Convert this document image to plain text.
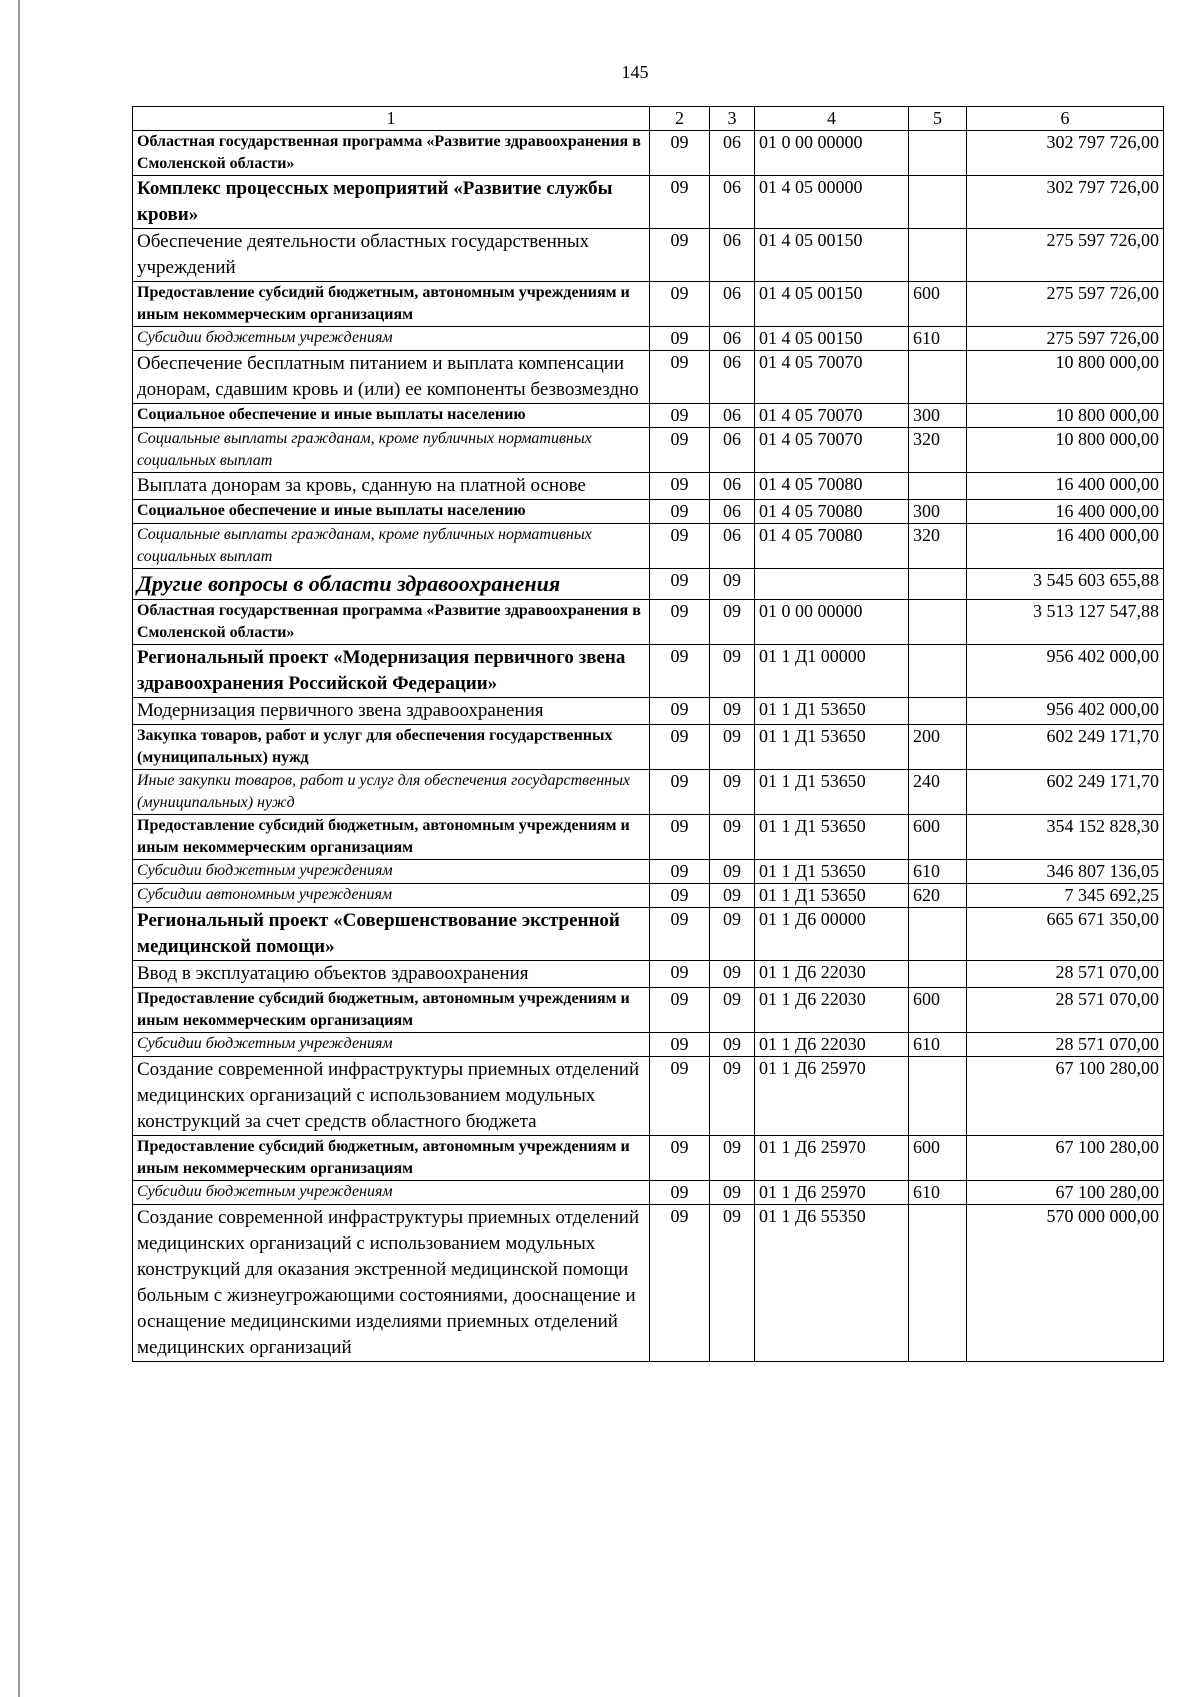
145
1	2	3	4	5	6
Областная государственная программа «Развитие здравоохранения в Смоленской области»	09	06	01 0 00 00000		302 797 726,00
Комплекс процессных мероприятий «Развитие службы крови»	09	06	01 4 05 00000		302 797 726,00
Обеспечение деятельности областных государственных учреждений	09	06	01 4 05 00150		275 597 726,00
Предоставление субсидий бюджетным, автономным учреждениям и иным некоммерческим организациям	09	06	01 4 05 00150	600	275 597 726,00
Субсидии бюджетным учреждениям	09	06	01 4 05 00150	610	275 597 726,00
Обеспечение бесплатным питанием и выплата компенсации донорам, сдавшим кровь и (или) ее компоненты безвозмездно	09	06	01 4 05 70070		10 800 000,00
Социальное обеспечение и иные выплаты населению	09	06	01 4 05 70070	300	10 800 000,00
Социальные выплаты гражданам, кроме публичных нормативных социальных выплат	09	06	01 4 05 70070	320	10 800 000,00
Выплата донорам за кровь, сданную на платной основе	09	06	01 4 05 70080		16 400 000,00
Социальное обеспечение и иные выплаты населению	09	06	01 4 05 70080	300	16 400 000,00
Социальные выплаты гражданам, кроме публичных нормативных социальных выплат	09	06	01 4 05 70080	320	16 400 000,00
Другие вопросы в области здравоохранения	09	09			3 545 603 655,88
Областная государственная программа «Развитие здравоохранения в Смоленской области»	09	09	01 0 00 00000		3 513 127 547,88
Региональный проект «Модернизация первичного звена здравоохранения Российской Федерации»	09	09	01 1 Д1 00000		956 402 000,00
Модернизация первичного звена здравоохранения	09	09	01 1 Д1 53650		956 402 000,00
Закупка товаров, работ и услуг для обеспечения государственных (муниципальных) нужд	09	09	01 1 Д1 53650	200	602 249 171,70
Иные закупки товаров, работ и услуг для обеспечения государственных (муниципальных) нужд	09	09	01 1 Д1 53650	240	602 249 171,70
Предоставление субсидий бюджетным, автономным учреждениям и иным некоммерческим организациям	09	09	01 1 Д1 53650	600	354 152 828,30
Субсидии бюджетным учреждениям	09	09	01 1 Д1 53650	610	346 807 136,05
Субсидии автономным учреждениям	09	09	01 1 Д1 53650	620	7 345 692,25
Региональный проект «Совершенствование экстренной медицинской помощи»	09	09	01 1 Д6 00000		665 671 350,00
Ввод в эксплуатацию объектов здравоохранения	09	09	01 1 Д6 22030		28 571 070,00
Предоставление субсидий бюджетным, автономным учреждениям и иным некоммерческим организациям	09	09	01 1 Д6 22030	600	28 571 070,00
Субсидии бюджетным учреждениям	09	09	01 1 Д6 22030	610	28 571 070,00
Создание современной инфраструктуры приемных отделений медицинских организаций с использованием модульных конструкций за счет средств областного бюджета	09	09	01 1 Д6 25970		67 100 280,00
Предоставление субсидий бюджетным, автономным учреждениям и иным некоммерческим организациям	09	09	01 1 Д6 25970	600	67 100 280,00
Субсидии бюджетным учреждениям	09	09	01 1 Д6 25970	610	67 100 280,00
Создание современной инфраструктуры приемных отделений медицинских организаций с использованием модульных конструкций для оказания экстренной медицинской помощи больным с жизнеугрожающими состояниями, дооснащение и оснащение медицинскими изделиями приемных отделений медицинских организаций	09	09	01 1 Д6 55350		570 000 000,00
